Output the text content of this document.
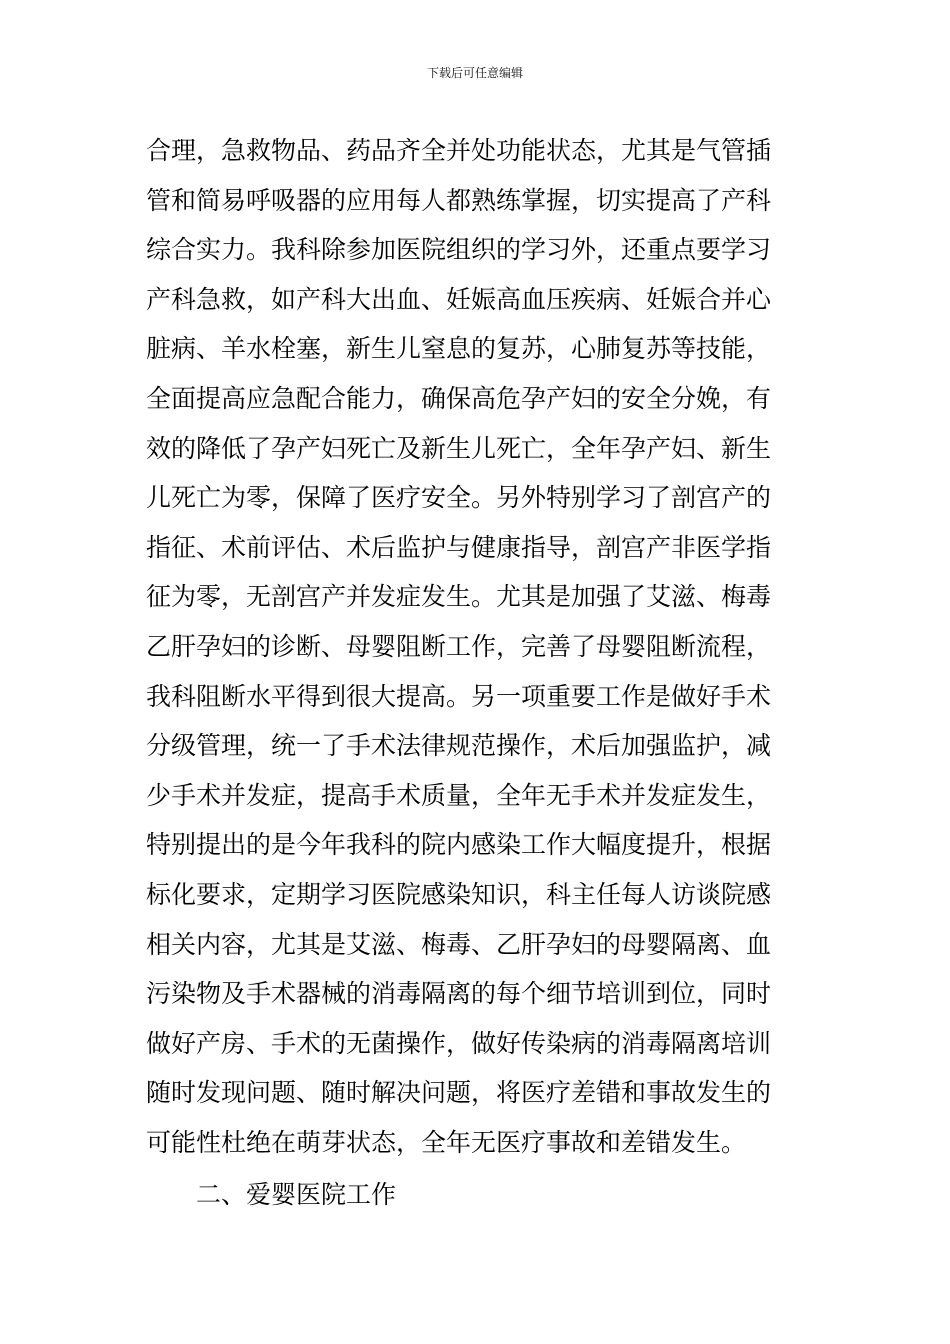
下载后可任意编辑
合理，急救物品、药品齐全并处功能状态，尤其是气管插
管和简易呼吸器的应用每人都熟练掌握，切实提高了产科
综合实力。我科除参加医院组织的学习外，还重点要学习
产科急救，如产科大出血、妊娠高血压疾病、妊娠合并心
脏病、羊水栓塞，新生儿窒息的复苏，心肺复苏等技能，
全面提高应急配合能力，确保高危孕产妇的安全分娩，有
效的降低了孕产妇死亡及新生儿死亡，全年孕产妇、新生
儿死亡为零，保障了医疗安全。另外特别学习了剖宫产的
指征、术前评估、术后监护与健康指导，剖宫产非医学指
征为零，无剖宫产并发症发生。尤其是加强了艾滋、梅毒
乙肝孕妇的诊断、母婴阻断工作，完善了母婴阻断流程，
我科阻断水平得到很大提高。另一项重要工作是做好手术
分级管理，统一了手术法律规范操作，术后加强监护，减
少手术并发症，提高手术质量，全年无手术并发症发生，
特别提出的是今年我科的院内感染工作大幅度提升，根据
标化要求，定期学习医院感染知识，科主任每人访谈院感
相关内容，尤其是艾滋、梅毒、乙肝孕妇的母婴隔离、血
污染物及手术器械的消毒隔离的每个细节培训到位，同时
做好产房、手术的无菌操作，做好传染病的消毒隔离培训
随时发现问题、随时解决问题，将医疗差错和事故发生的
可能性杜绝在萌芽状态，全年无医疗事故和差错发生。
二、爱婴医院工作
